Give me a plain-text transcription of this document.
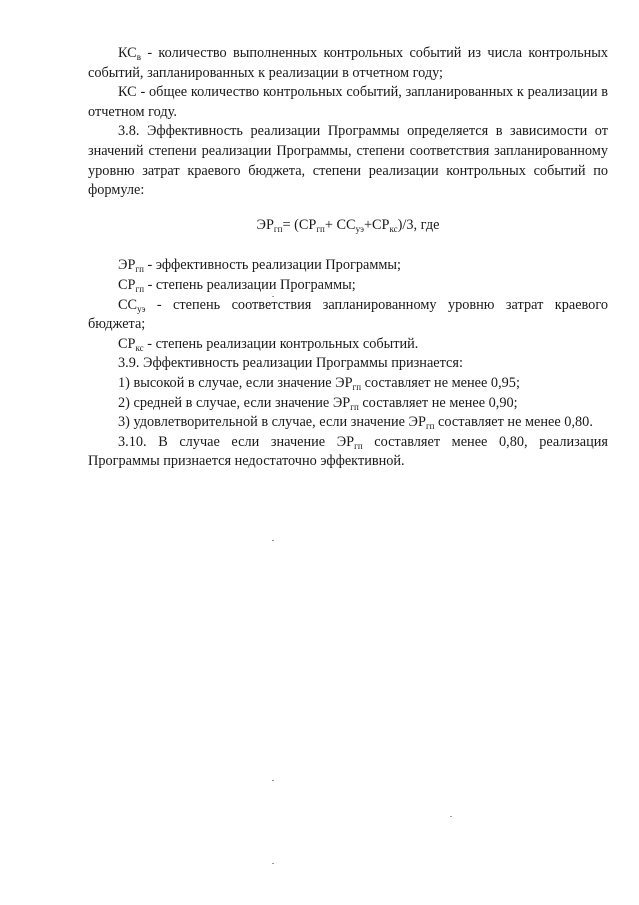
$КС_в$ - количество выполненных контрольных событий из числа контрольных событий, запланированных к реализации в отчетном году;

КС - общее количество контрольных событий, запланированных к реализации в отчетном году.

3.8. Эффективность реализации Программы определяется в зависимости от значений степени реализации Программы, степени соответствия запланированному уровню затрат краевого бюджета, степени реализации контрольных событий по формуле:

$ЭР_{гп}= (СР_{гп}+ СС_{уэ}+СР_{кс})/3$, где

$ЭР_{гп}$ - эффективность реализации Программы;

$СР_{гп}$ - степень реализации Программы;

$СС_{уэ}$ - степень соответствия запланированному уровню затрат краевого бюджета;

$СР_{кс}$ - степень реализации контрольных событий.

3.9. Эффективность реализации Программы признается:

1) высокой в случае, если значение $ЭР_{гп}$ составляет не менее 0,95;

2) средней в случае, если значение $ЭР_{гп}$ составляет не менее 0,90;

3) удовлетворительной в случае, если значение $ЭР_{гп}$ составляет не менее 0,80.

3.10. В случае если значение $ЭР_{гп}$ составляет менее 0,80, реализация Программы признается недостаточно эффективной.
